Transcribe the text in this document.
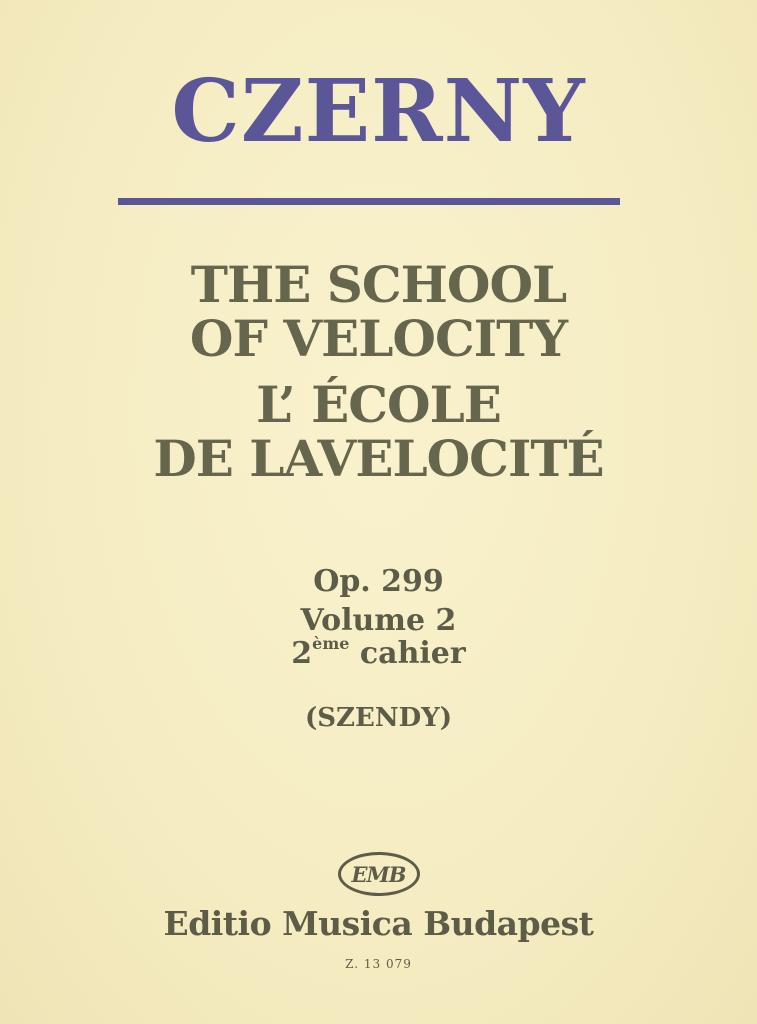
CZERNY
THE SCHOOL
OF VELOCITY
L’ ÉCOLE
DE LAVELOCITÉ
Op. 299
Volume 2
2ème cahier
(SZENDY)
EMB
Editio Musica Budapest
Z. 13 079
